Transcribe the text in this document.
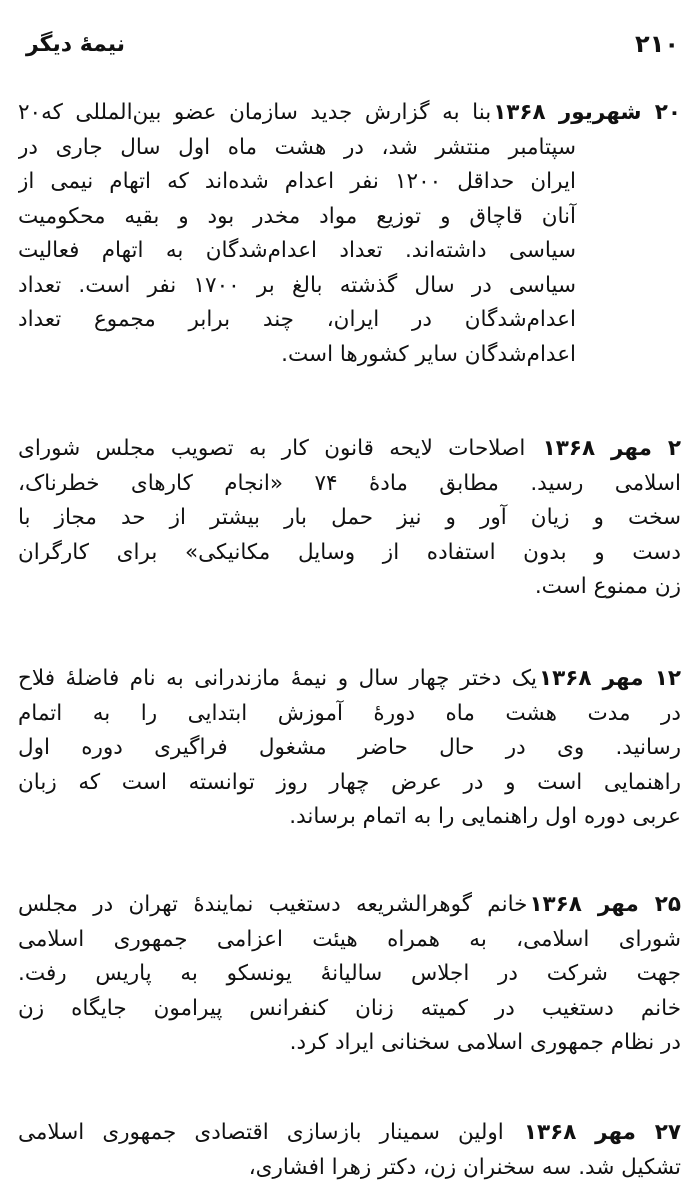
۲۱۰
نیمهٔ دیگر
۲۰ شهریور ۱۳۶۸بنا به گزارش جدید سازمان عضو بین‌المللی که۲۰
سپتامبر منتشر شد، در هشت ماه اول سال جاری در
ایران حداقل ۱۲۰۰ نفر اعدام شده‌اند که اتهام نیمی از
آنان قاچاق و توزیع مواد مخدر بود و بقیه محکومیت
سیاسی داشته‌اند. تعداد اعدام‌شدگان به اتهام فعالیت
سیاسی در سال گذشته بالغ بر ۱۷۰۰ نفر است. تعداد
اعدام‌شدگان در ایران، چند برابر مجموع تعداد
اعدام‌شدگان سایر کشورها است.
۲ مهر ۱۳۶۸ اصلاحات لایحه قانون کار به تصویب مجلس شورای
اسلامی رسید. مطابق مادهٔ ۷۴ «انجام کارهای خطرناک،
سخت و زیان آور و نیز حمل بار بیشتر از حد مجاز با
دست و بدون استفاده از وسایل مکانیکی» برای کارگران
زن ممنوع است.
۱۲ مهر ۱۳۶۸یک دختر چهار سال و نیمهٔ مازندرانی به نام فاضلهٔ فلاح
در مدت هشت ماه دورهٔ آموزش ابتدایی را به اتمام
رسانید. وی در حال حاضر مشغول فراگیری دوره اول
راهنمایی است و در عرض چهار روز توانسته است که زبان
عربی دوره اول راهنمایی را به اتمام برساند.
۲۵ مهر ۱۳۶۸خانم گوهرالشریعه دستغیب نمایندهٔ تهران در مجلس
شورای اسلامی، به همراه هیئت اعزامی جمهوری اسلامی
جهت شرکت در اجلاس سالیانهٔ یونسکو به پاریس رفت.
خانم دستغیب در کمیته زنان کنفرانس پیرامون جایگاه زن
در نظام جمهوری اسلامی سخنانی ایراد کرد.
۲۷ مهر ۱۳۶۸ اولین سمینار بازسازی اقتصادی جمهوری اسلامی
تشکیل شد. سه سخنران زن، دکتر زهرا افشاری،
